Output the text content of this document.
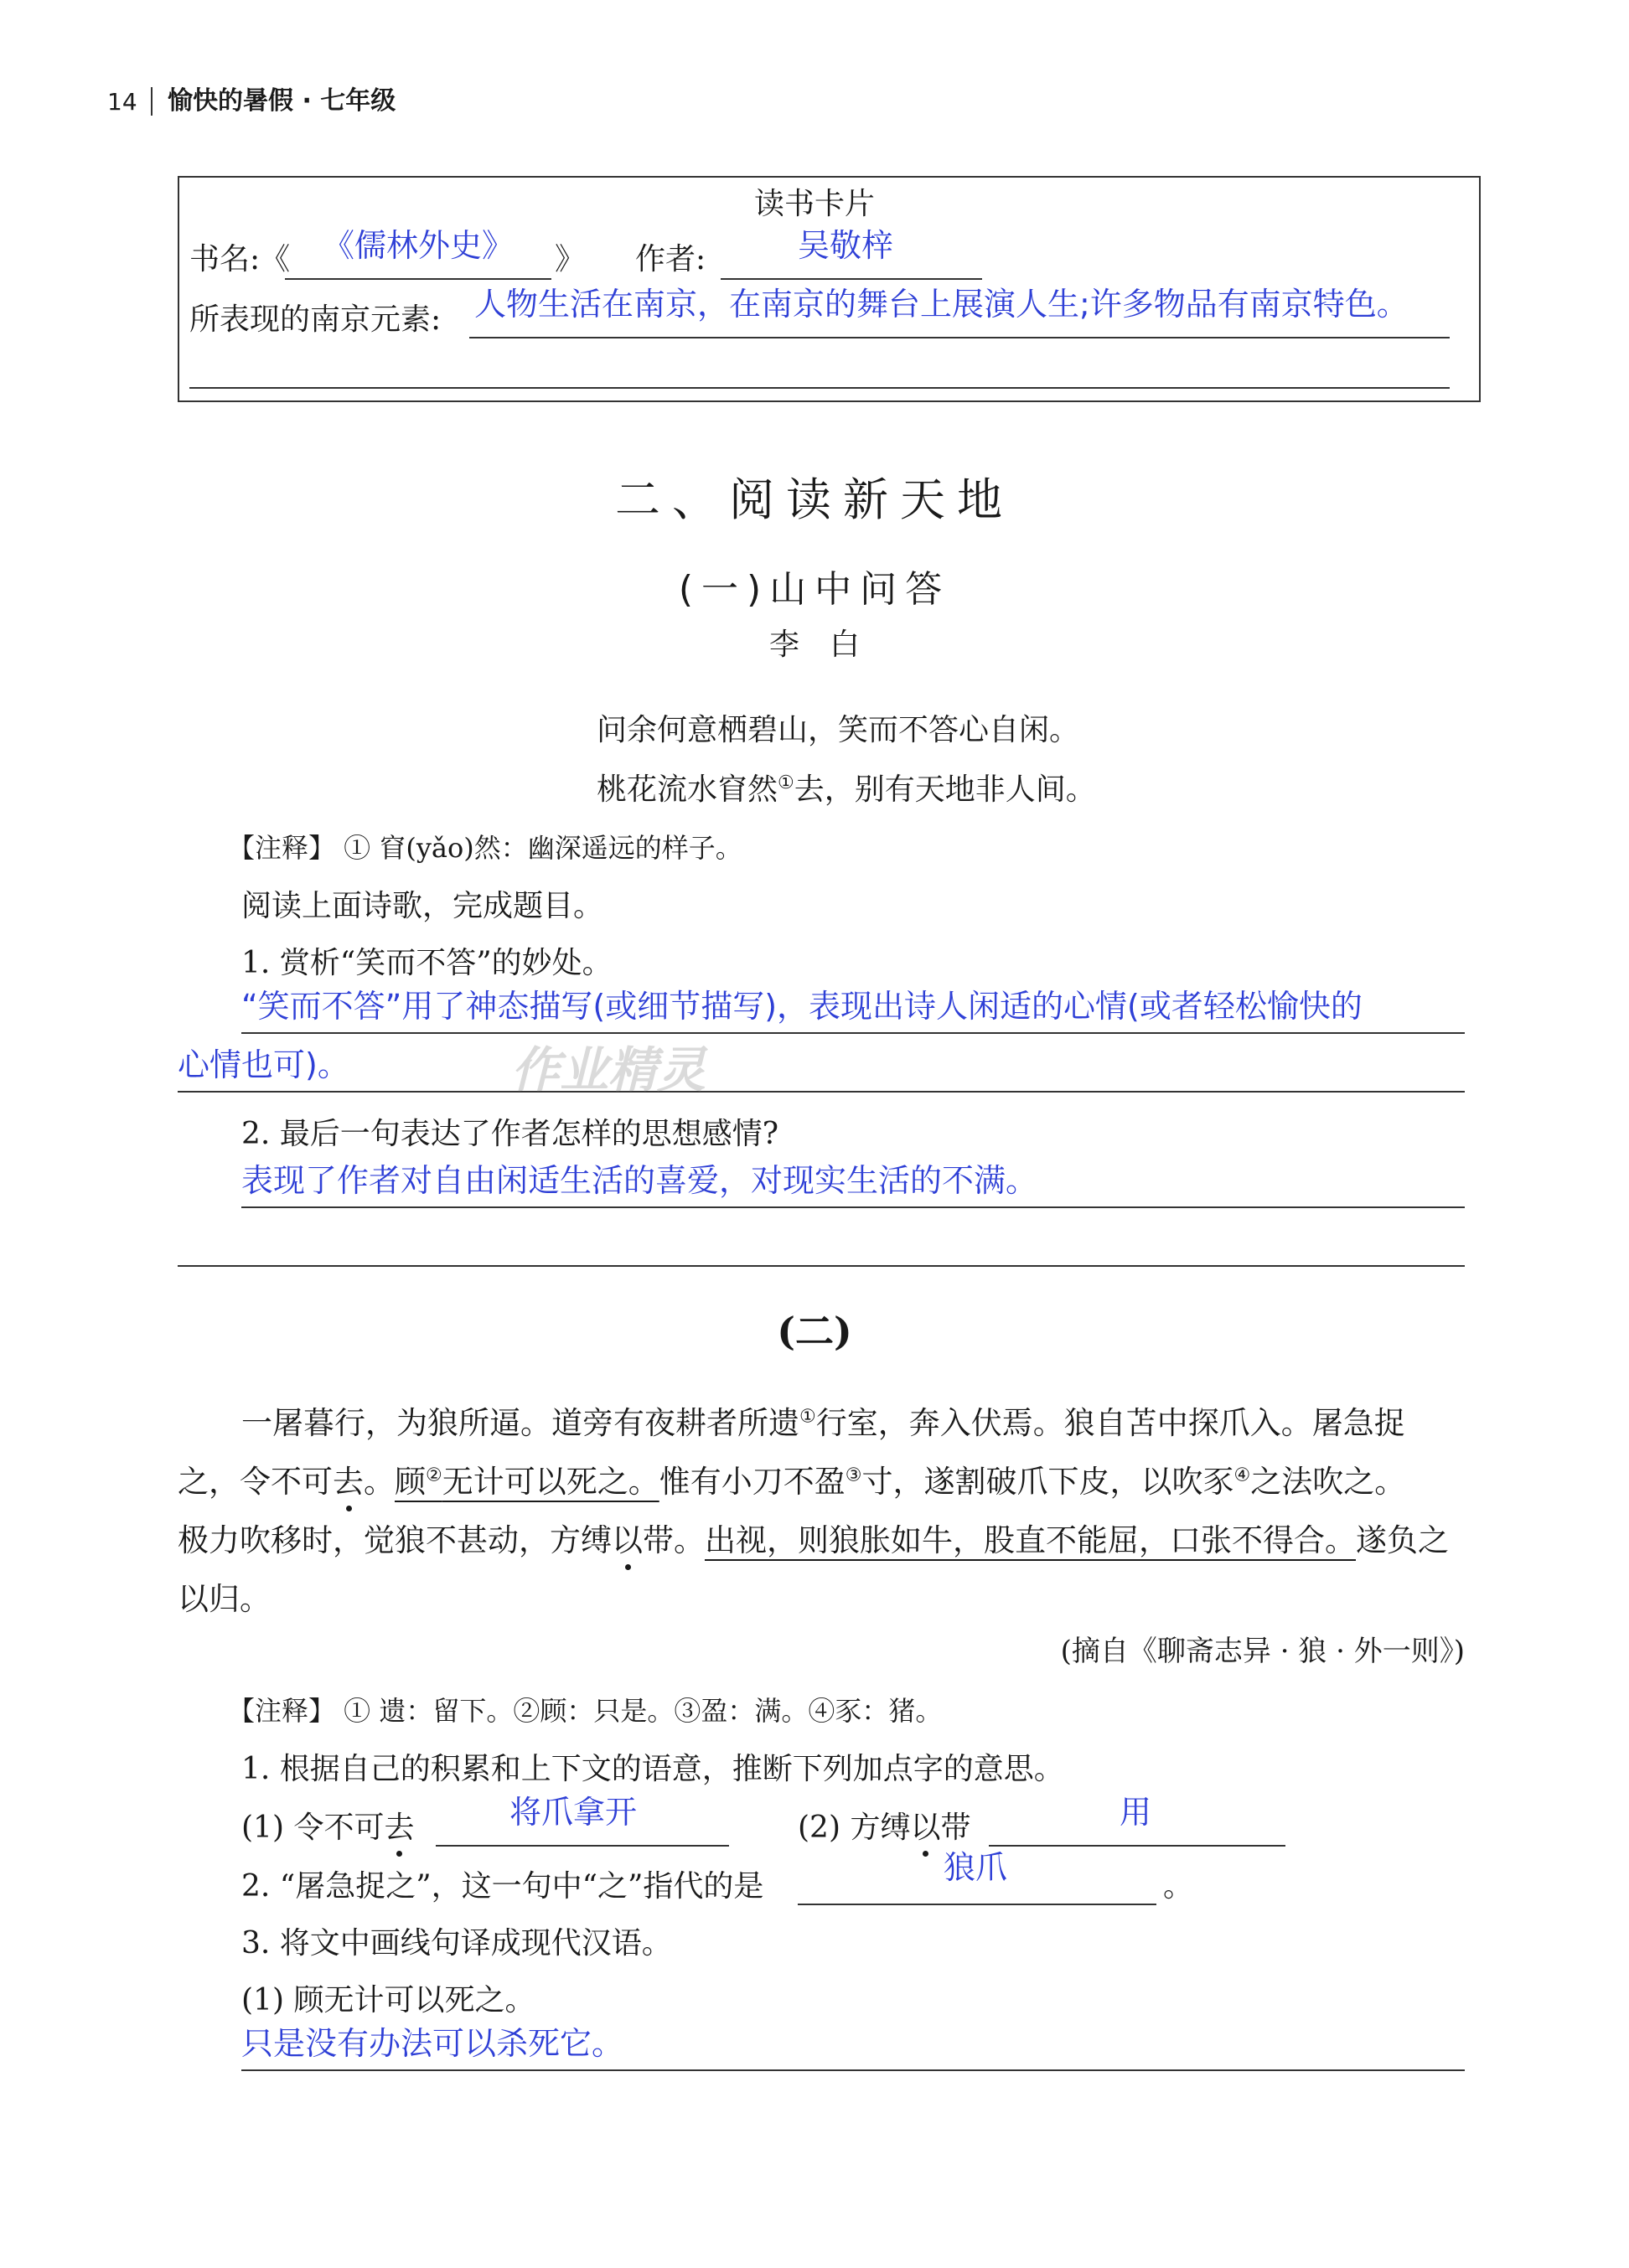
14 愉快的暑假 · 七年级
读书卡片
书名:《 《儒林外史》 》 作者:	吴敬梓
所表现的南京元素: 人物生活在南京，在南京的舞台上展演人生;许多物品有南京特色。
二、阅读新天地
(一)山中问答
李　白
问余何意栖碧山，笑而不答心自闲。
桃花流水窅然①去，别有天地非人间。
【注释】 ① 窅(yǎo)然：幽深遥远的样子。
阅读上面诗歌，完成题目。
1. 赏析“笑而不答”的妙处。
“笑而不答”用了神态描写(或细节描写)，表现出诗人闲适的心情(或者轻松愉快的
心情也可)。	作业精灵
2. 最后一句表达了作者怎样的思想感情?
表现了作者对自由闲适生活的喜爱，对现实生活的不满。
(二)
一屠暮行，为狼所逼。道旁有夜耕者所遗①行室，奔入伏焉。狼自苫中探爪入。屠急捉
之，令不可去。顾②无计可以死之。惟有小刀不盈③寸，遂割破爪下皮，以吹豕④之法吹之。
极力吹移时，觉狼不甚动，方缚以带。出视，则狼胀如牛，股直不能屈，口张不得合。遂负之
以归。
(摘自《聊斋志异 · 狼 · 外一则》)
【注释】 ① 遗：留下。②顾：只是。③盈：满。④豕：猪。
1. 根据自己的积累和上下文的语意，推断下列加点字的意思。
(1) 令不可去	将爪拿开	(2) 方缚以带	用
2. “屠急捉之”，这一句中“之”指代的是	。
狼爪
3. 将文中画线句译成现代汉语。
(1) 顾无计可以死之。
只是没有办法可以杀死它。
